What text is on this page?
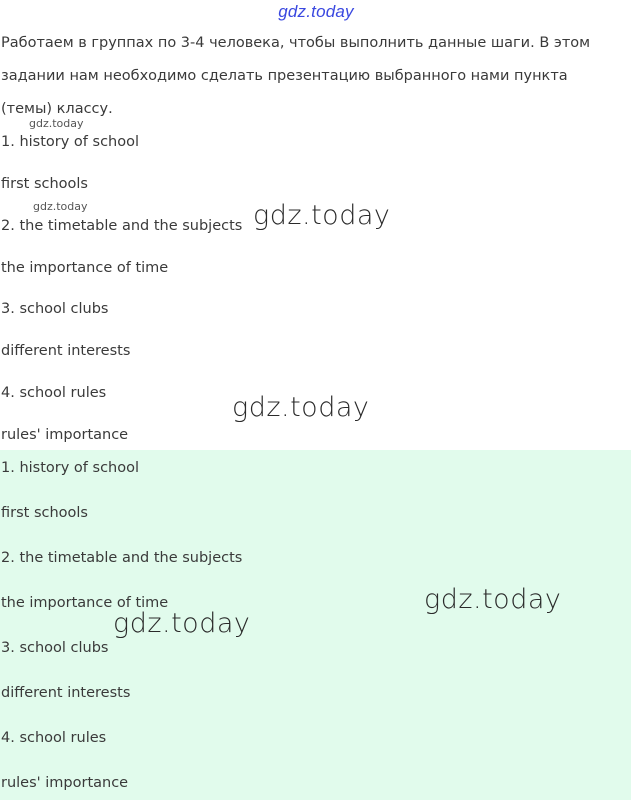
gdz.today
Работаем в группах по 3-4 человека, чтобы выполнить данные шаги. В этом
задании нам необходимо сделать презентацию выбранного нами пункта
(темы) классу.
1. history of school
first schools
2. the timetable and the subjects
the importance of time
3. school clubs
different interests
4. school rules
rules' importance
1. history of school
first schools
2. the timetable and the subjects
the importance of time
3. school clubs
different interests
4. school rules
rules' importance
gdz.today
gdz.today	gdz.today
gdz.today
gdz.today
gdz.today
